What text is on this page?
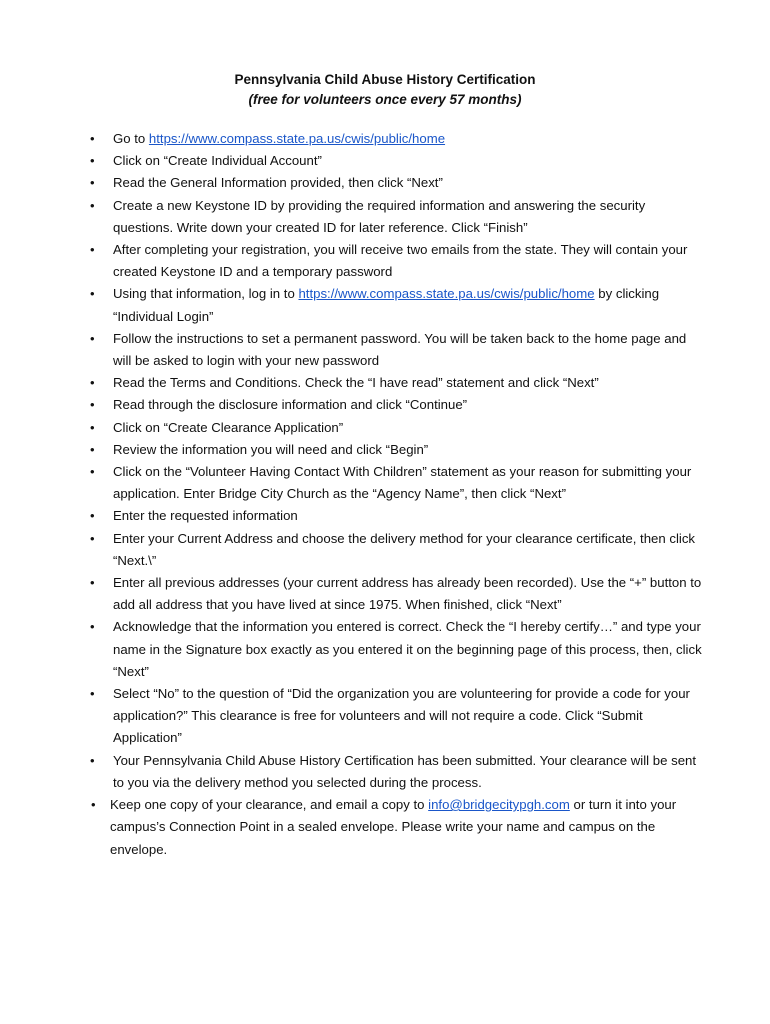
Pennsylvania Child Abuse History Certification
(free for volunteers once every 57 months)
• Go to https://www.compass.state.pa.us/cwis/public/home
• Click on “Create Individual Account”
• Read the General Information provided, then click “Next”
• Create a new Keystone ID by providing the required information and answering the security questions. Write down your created ID for later reference. Click “Finish”
• After completing your registration, you will receive two emails from the state. They will contain your created Keystone ID and a temporary password
• Using that information, log in to https://www.compass.state.pa.us/cwis/public/home by clicking “Individual Login”
• Follow the instructions to set a permanent password. You will be taken back to the home page and will be asked to login with your new password
• Read the Terms and Conditions. Check the “I have read” statement and click “Next”
• Read through the disclosure information and click “Continue”
• Click on “Create Clearance Application”
• Review the information you will need and click “Begin”
• Click on the “Volunteer Having Contact With Children” statement as your reason for submitting your application. Enter Bridge City Church as the “Agency Name”, then click “Next”
• Enter the requested information
• Enter your Current Address and choose the delivery method for your clearance certificate, then click “Next.\”
• Enter all previous addresses (your current address has already been recorded). Use the “+” button to add all address that you have lived at since 1975. When finished, click “Next”
• Acknowledge that the information you entered is correct. Check the “I hereby certify…” and type your name in the Signature box exactly as you entered it on the beginning page of this process, then, click “Next”
• Select “No” to the question of “Did the organization you are volunteering for provide a code for your application?” This clearance is free for volunteers and will not require a code. Click “Submit Application”
• Your Pennsylvania Child Abuse History Certification has been submitted. Your clearance will be sent to you via the delivery method you selected during the process.
• Keep one copy of your clearance, and email a copy to info@bridgecitypgh.com or turn it into your campus’s Connection Point in a sealed envelope. Please write your name and campus on the envelope.
